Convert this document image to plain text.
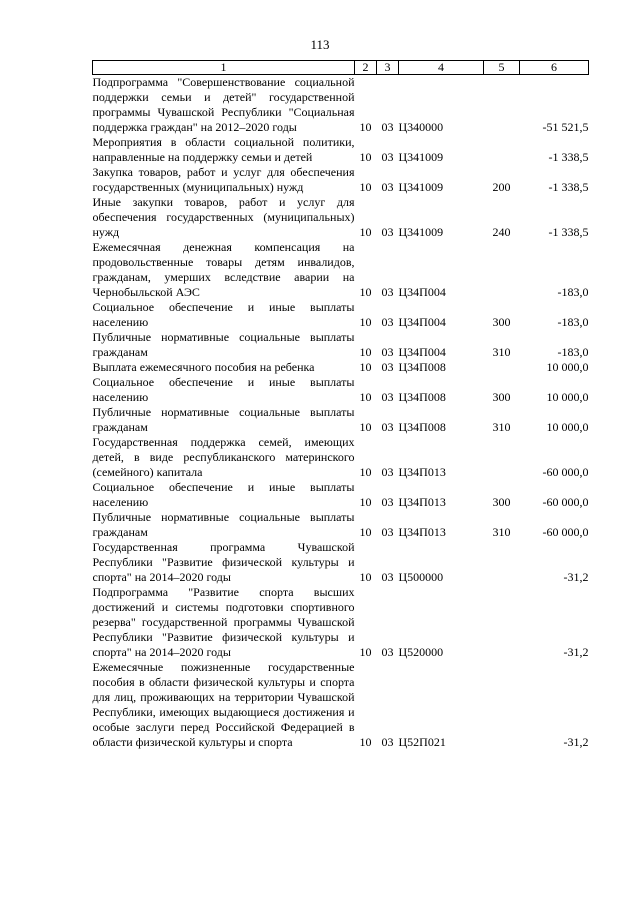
113
1	2	3	4	5	6
Подпрограмма "Совершенствование социальной поддержки семьи и детей" государственной программы Чувашской Республики "Социальная поддержка граждан" на 2012–2020 годы	10	03	Ц340000		-51 521,5
Мероприятия в области социальной политики, направленные на поддержку семьи и детей	10	03	Ц341009		-1 338,5
Закупка товаров, работ и услуг для обеспечения государственных (муниципальных) нужд	10	03	Ц341009	200	-1 338,5
Иные закупки товаров, работ и услуг для обеспечения государственных (муниципальных) нужд	10	03	Ц341009	240	-1 338,5
Ежемесячная денежная компенсация на продовольственные товары детям инвалидов, гражданам, умерших вследствие аварии на Чернобыльской АЭС	10	03	Ц34П004		-183,0
Социальное обеспечение и иные выплаты населению	10	03	Ц34П004	300	-183,0
Публичные нормативные социальные выплаты гражданам	10	03	Ц34П004	310	-183,0
Выплата ежемесячного пособия на ребенка	10	03	Ц34П008		10 000,0
Социальное обеспечение и иные выплаты населению	10	03	Ц34П008	300	10 000,0
Публичные нормативные социальные выплаты гражданам	10	03	Ц34П008	310	10 000,0
Государственная поддержка семей, имеющих детей, в виде республиканского материнского (семейного) капитала	10	03	Ц34П013		-60 000,0
Социальное обеспечение и иные выплаты населению	10	03	Ц34П013	300	-60 000,0
Публичные нормативные социальные выплаты гражданам	10	03	Ц34П013	310	-60 000,0
Государственная программа Чувашской Республики "Развитие физической культуры и спорта" на 2014–2020 годы	10	03	Ц500000		-31,2
Подпрограмма "Развитие спорта высших достижений и системы подготовки спортивного резерва" государственной программы Чувашской Республики "Развитие физической культуры и спорта" на 2014–2020 годы	10	03	Ц520000		-31,2
Ежемесячные пожизненные государственные пособия в области физической культуры и спорта для лиц, проживающих на территории Чувашской Республики, имеющих выдающиеся достижения и особые заслуги перед Российской Федерацией в области физической культуры и спорта	10	03	Ц52П021		-31,2
